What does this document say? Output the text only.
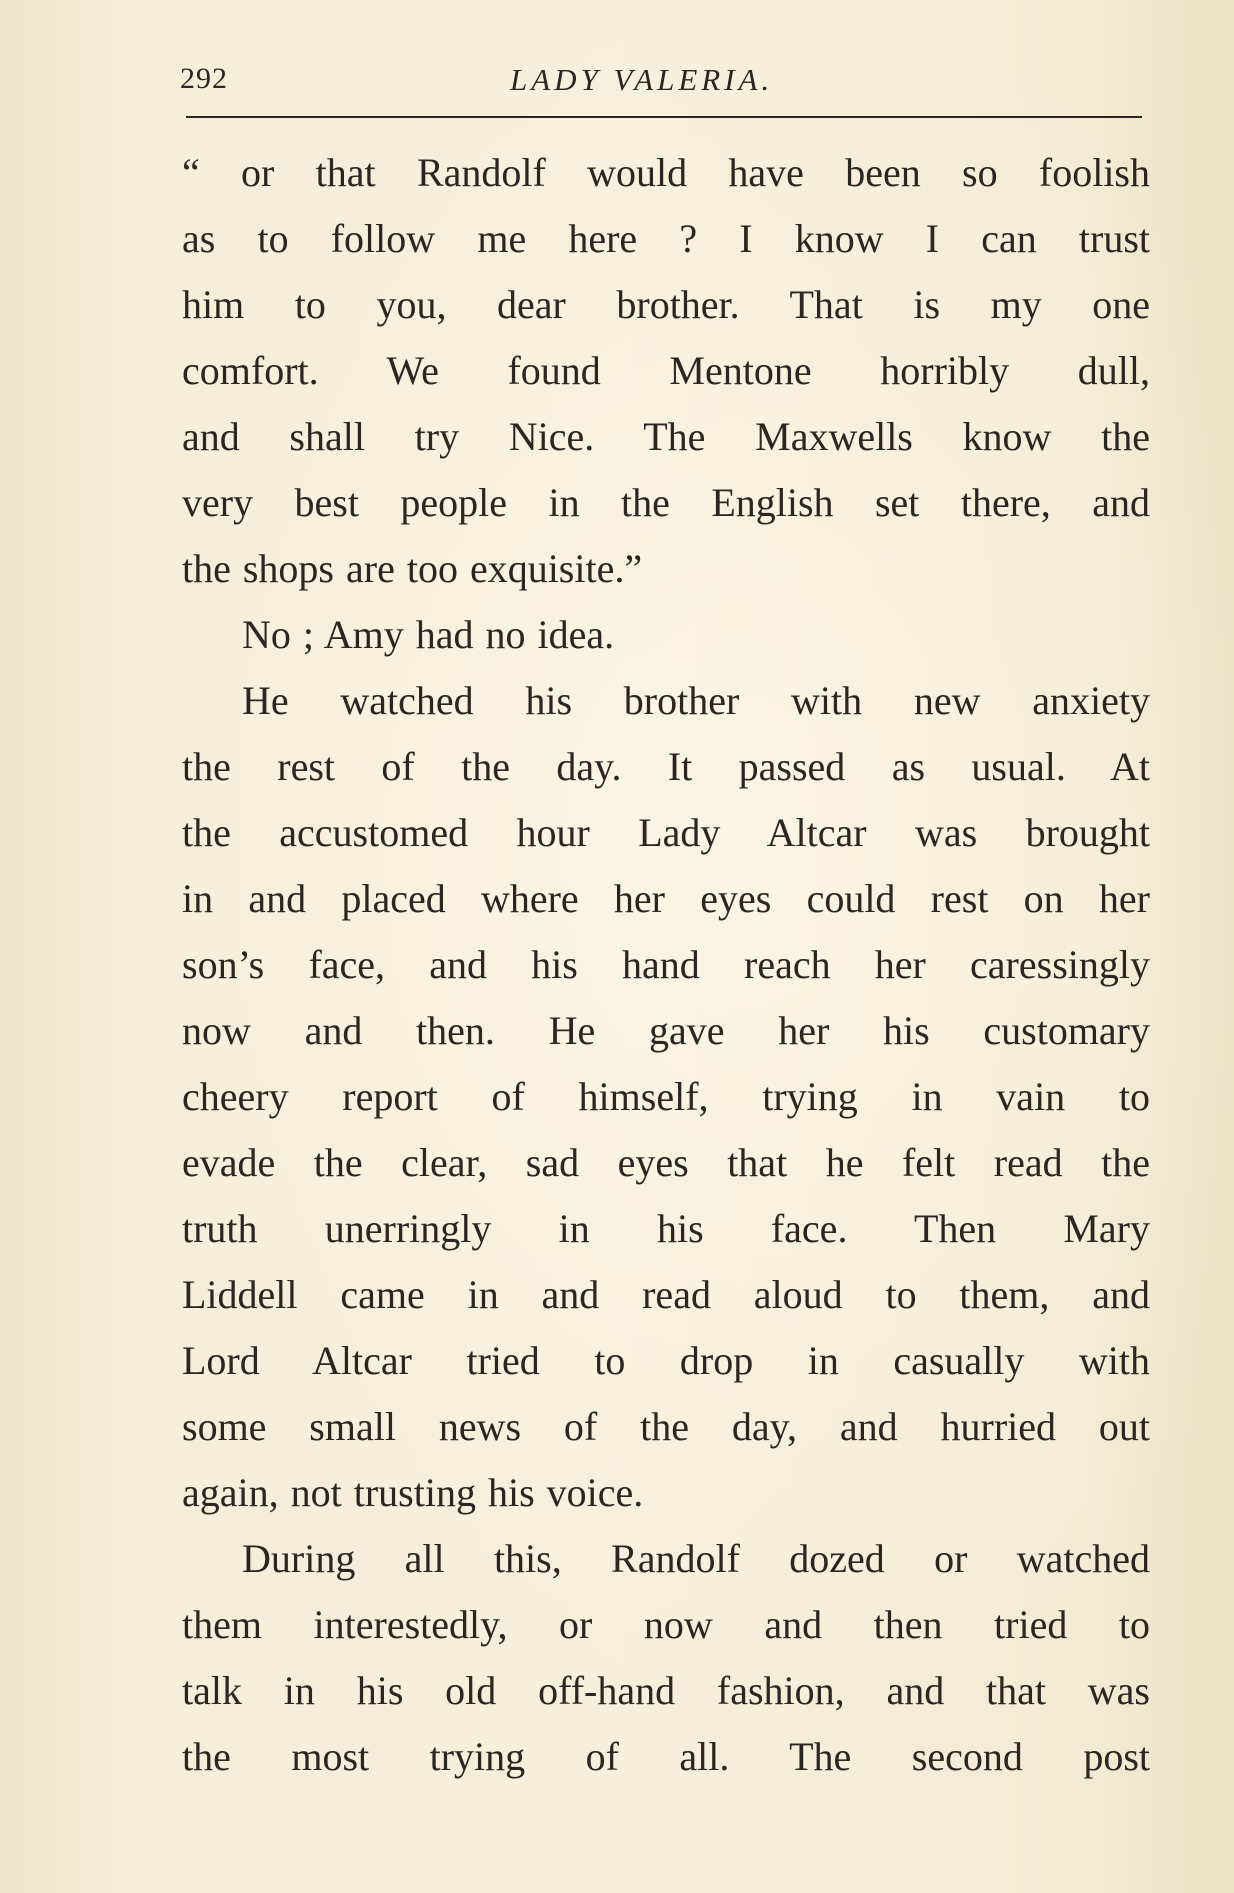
292	LADY VALERIA.
“ or that Randolf would have been so foolish
as to follow me here ? I know I can trust
him to you, dear brother. That is my one
comfort. We found Mentone horribly dull,
and shall try Nice. The Maxwells know the
very best people in the English set there, and
the shops are too exquisite.”
No ; Amy had no idea.
He watched his brother with new anxiety
the rest of the day. It passed as usual. At
the accustomed hour Lady Altcar was brought
in and placed where her eyes could rest on her
son’s face, and his hand reach her caressingly
now and then. He gave her his customary
cheery report of himself, trying in vain to
evade the clear, sad eyes that he felt read the
truth unerringly in his face. Then Mary
Liddell came in and read aloud to them, and
Lord Altcar tried to drop in casually with
some small news of the day, and hurried out
again, not trusting his voice.
During all this, Randolf dozed or watched
them interestedly, or now and then tried to
talk in his old off-hand fashion, and that was
the most trying of all. The second post
